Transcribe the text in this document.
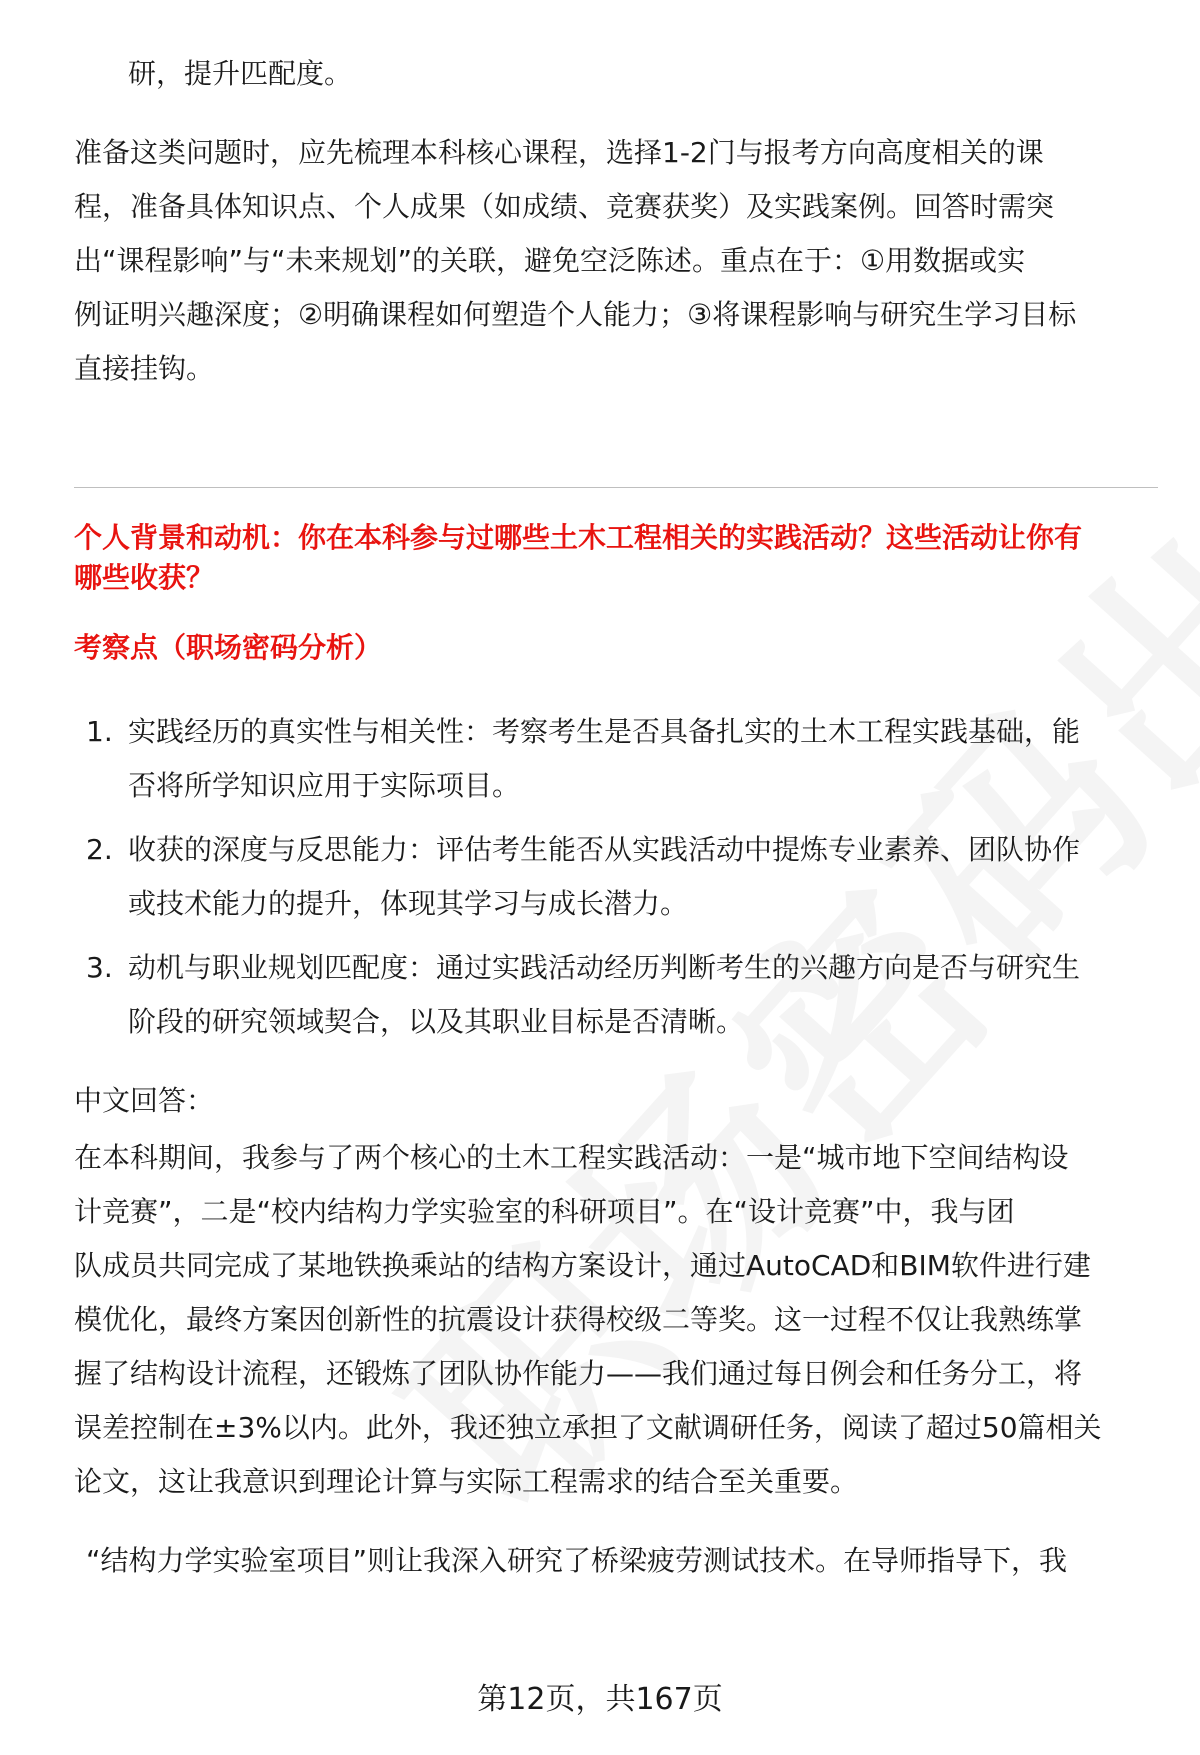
研，提升匹配度。
准备这类问题时，应先梳理本科核心课程，选择1-2门与报考方向高度相关的课
程，准备具体知识点、个人成果（如成绩、竞赛获奖）及实践案例。回答时需突
出“课程影响”与“未来规划”的关联，避免空泛陈述。重点在于：①用数据或实
例证明兴趣深度；②明确课程如何塑造个人能力；③将课程影响与研究生学习目标
直接挂钩。
个人背景和动机：你在本科参与过哪些土木工程相关的实践活动？这些活动让你有
哪些收获？
考察点（职场密码分析）
1. 实践经历的真实性与相关性：考察考生是否具备扎实的土木工程实践基础，能
否将所学知识应用于实际项目。
2. 收获的深度与反思能力：评估考生能否从实践活动中提炼专业素养、团队协作
或技术能力的提升，体现其学习与成长潜力。
3. 动机与职业规划匹配度：通过实践活动经历判断考生的兴趣方向是否与研究生
阶段的研究领域契合，以及其职业目标是否清晰。
中文回答：
在本科期间，我参与了两个核心的土木工程实践活动：一是“城市地下空间结构设
计竞赛”，二是“校内结构力学实验室的科研项目”。在“设计竞赛”中，我与团
队成员共同完成了某地铁换乘站的结构方案设计，通过AutoCAD和BIM软件进行建
模优化，最终方案因创新性的抗震设计获得校级二等奖。这一过程不仅让我熟练掌
握了结构设计流程，还锻炼了团队协作能力——我们通过每日例会和任务分工，将
误差控制在±3%以内。此外，我还独立承担了文献调研任务，阅读了超过50篇相关
论文，这让我意识到理论计算与实际工程需求的结合至关重要。
“结构力学实验室项目”则让我深入研究了桥梁疲劳测试技术。在导师指导下，我
第12页，共167页
